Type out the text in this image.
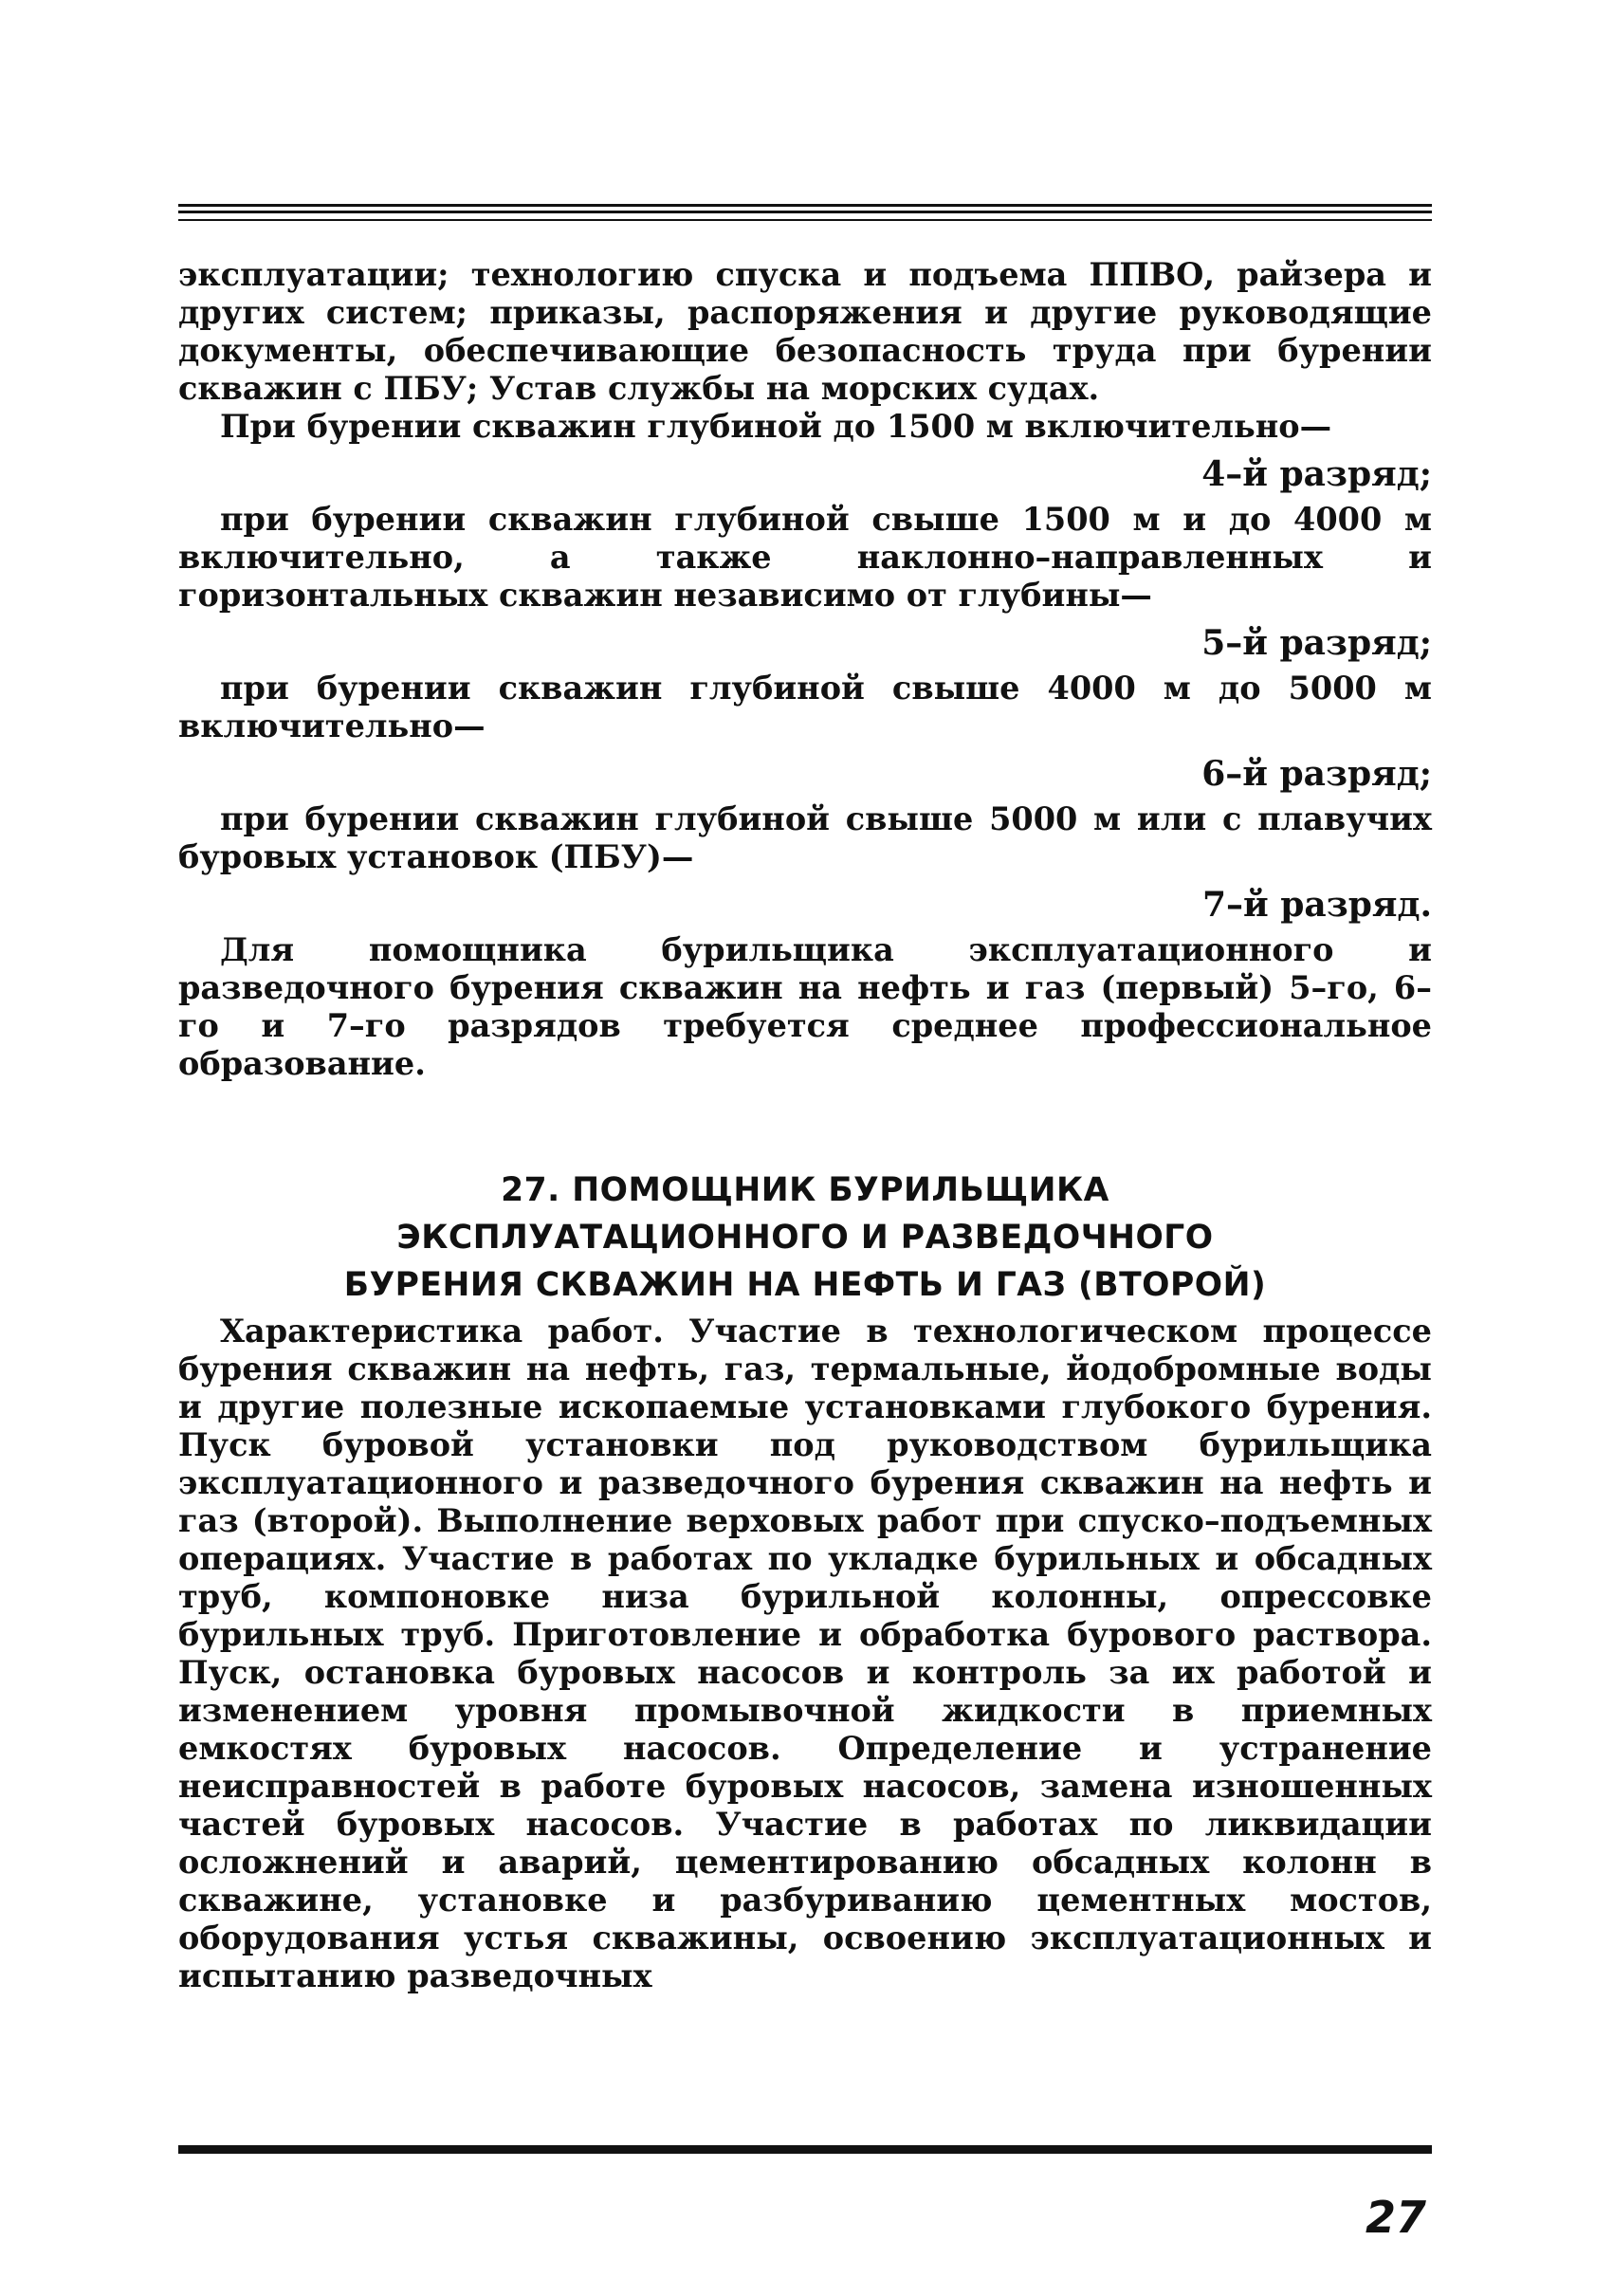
эксплуатации; технологию спуска и подъема ППВО, райзера и других систем; приказы, распоряжения и другие руководящие документы, обеспечивающие безопасность труда при бурении скважин с ПБУ; Устав службы на морских судах.

При бурении скважин глубиной до 1500 м включительно—

4–й разряд;

при бурении скважин глубиной свыше 1500 м и до 4000 м включительно, а также наклонно–направленных и горизонтальных скважин независимо от глубины—

5–й разряд;

при бурении скважин глубиной свыше 4000 м до 5000 м включительно—

6–й разряд;

при бурении скважин глубиной свыше 5000 м или с плавучих буровых установок (ПБУ)—

7–й разряд.

Для помощника бурильщика эксплуатационного и разведочного бурения скважин на нефть и газ (первый) 5–го, 6–го и 7–го разрядов требуется среднее профессиональное образование.

27. ПОМОЩНИК БУРИЛЬЩИКА
ЭКСПЛУАТАЦИОННОГО И РАЗВЕДОЧНОГО
БУРЕНИЯ СКВАЖИН НА НЕФТЬ И ГАЗ (ВТОРОЙ)

Характеристика работ. Участие в технологическом процессе бурения скважин на нефть, газ, термальные, йодобромные воды и другие полезные ископаемые установками глубокого бурения. Пуск буровой установки под руководством бурильщика эксплуатационного и разведочного бурения скважин на нефть и газ (второй). Выполнение верховых работ при спуско–подъемных операциях. Участие в работах по укладке бурильных и обсадных труб, компоновке низа бурильной колонны, опрессовке бурильных труб. Приготовление и обработка бурового раствора. Пуск, остановка буровых насосов и контроль за их работой и изменением уровня промывочной жидкости в приемных емкостях буровых насосов. Определение и устранение неисправностей в работе буровых насосов, замена изношенных частей буровых насосов. Участие в работах по ликвидации осложнений и аварий, цементированию обсадных колонн в скважине, установке и разбуриванию цементных мостов, оборудования устья скважины, освоению эксплуатационных и испытанию разведочных

27
